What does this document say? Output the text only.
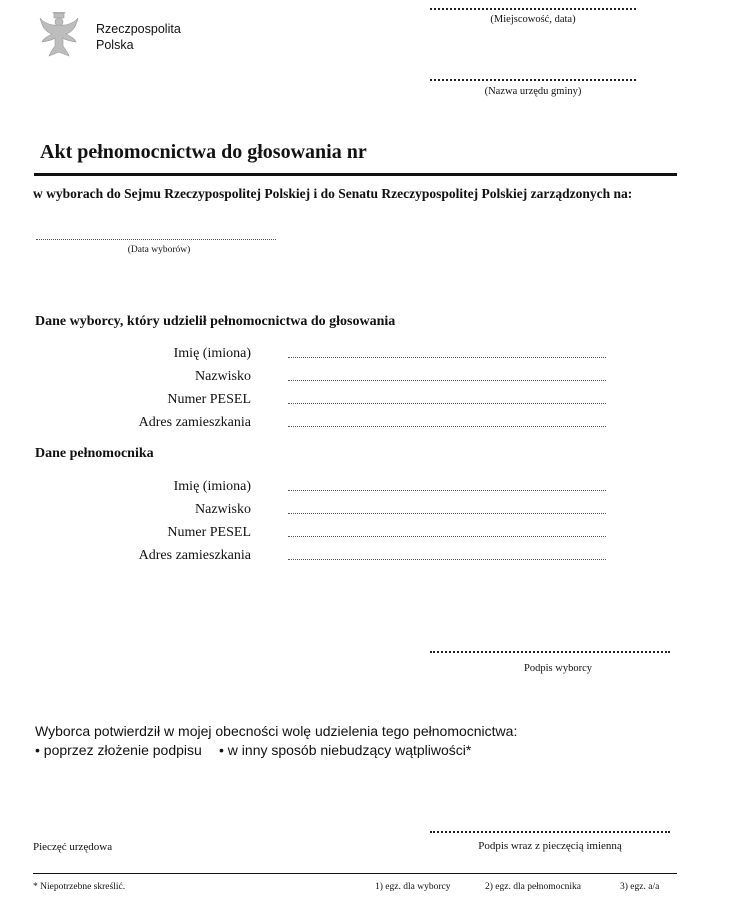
Rzeczpospolita
Polska
(Miejscowość, data)
(Nazwa urzędu gminy)
Akt pełnomocnictwa do głosowania nr
w wyborach do Sejmu Rzeczypospolitej Polskiej i do Senatu Rzeczypospolitej Polskiej zarządzonych na:
(Data wyborów)
Dane wyborcy, który udzielił pełnomocnictwa do głosowania
Imię (imiona)
Nazwisko
Numer PESEL
Adres zamieszkania
Dane pełnomocnika
Imię (imiona)
Nazwisko
Numer PESEL
Adres zamieszkania
Podpis wyborcy
Wyborca potwierdził w mojej obecności wolę udzielenia tego pełnomocnictwa:
• poprzez złożenie podpisu • w inny sposób niebudzący wątpliwości*
Pieczęć urzędowa	Podpis wraz z pieczęcią imienną
* Niepotrzebne skreślić.	1) egz. dla wyborcy	2) egz. dla pełnomocnika	3) egz. a/a
